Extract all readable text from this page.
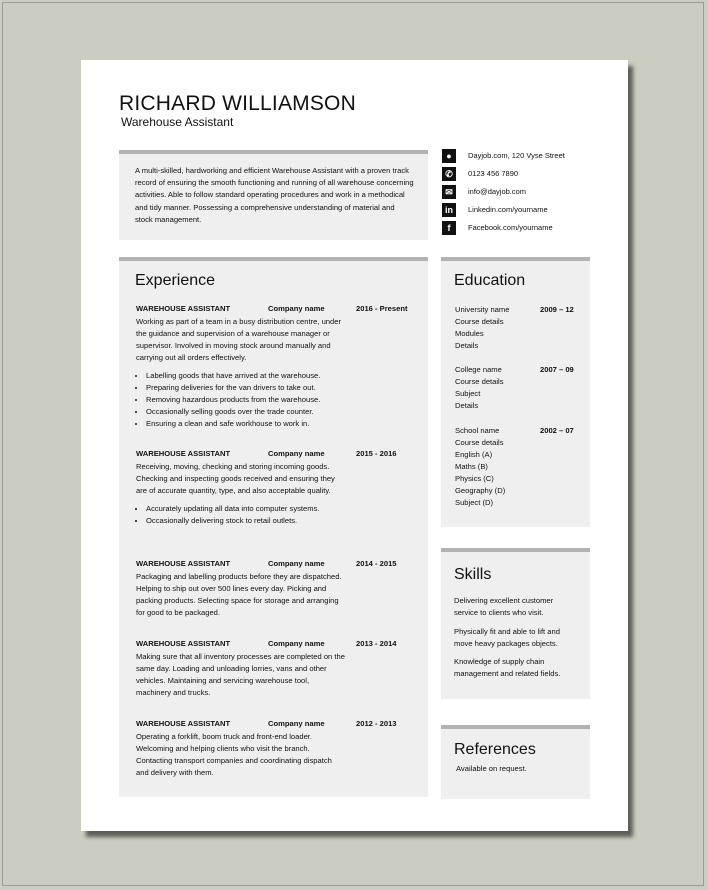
RICHARD WILLIAMSON
Warehouse Assistant
A multi-skilled, hardworking and efficient Warehouse Assistant with a proven track record of ensuring the smooth functioning and running of all warehouse concerning activities. Able to follow standard operating procedures and work in a methodical and tidy manner. Possessing a comprehensive understanding of material and stock management.
●	Dayjob.com, 120 Vyse Street
✆	0123 456 7890
✉	info@dayjob.com
in	Linkedin.com/yourname
f	Facebook.com/yourname
Experience
WAREHOUSE ASSISTANT	Company name	2016 - Present
Working as part of a team in a busy distribution centre, under the guidance and supervision of a warehouse manager or supervisor. Involved in moving stock around manually and carrying out all orders effectively.
• Labelling goods that have arrived at the warehouse.
• Preparing deliveries for the van drivers to take out.
• Removing hazardous products from the warehouse.
• Occasionally selling goods over the trade counter.
• Ensuring a clean and safe workhouse to work in.
WAREHOUSE ASSISTANT	Company name	2015 - 2016
Receiving, moving, checking and storing incoming goods. Checking and inspecting goods received and ensuring they are of accurate quantity, type, and also acceptable quality.
• Accurately updating all data into computer systems.
• Occasionally delivering stock to retail outlets.
WAREHOUSE ASSISTANT	Company name	2014 - 2015
Packaging and labelling products before they are dispatched. Helping to ship out over 500 lines every day. Picking and packing products. Selecting space for storage and arranging for good to be packaged.
WAREHOUSE ASSISTANT	Company name	2013 - 2014
Making sure that all inventory processes are completed on the same day. Loading and unloading lorries, vans and other vehicles. Maintaining and servicing warehouse tool, machinery and trucks.
WAREHOUSE ASSISTANT	Company name	2012 - 2013
Operating a forklift, boom truck and front-end loader. Welcoming and helping clients who visit the branch. Contacting transport companies and coordinating dispatch and delivery with them.
Education
University name	2009 – 12
Course details
Modules
Details
College name	2007 – 09
Course details
Subject
Details
School name	2002 – 07
Course details
English (A)
Maths (B)
Physics (C)
Geography (D)
Subject (D)
Skills
Delivering excellent customer service to clients who visit.
Physically fit and able to lift and move heavy packages objects.
Knowledge of supply chain management and related fields.
References
Available on request.
